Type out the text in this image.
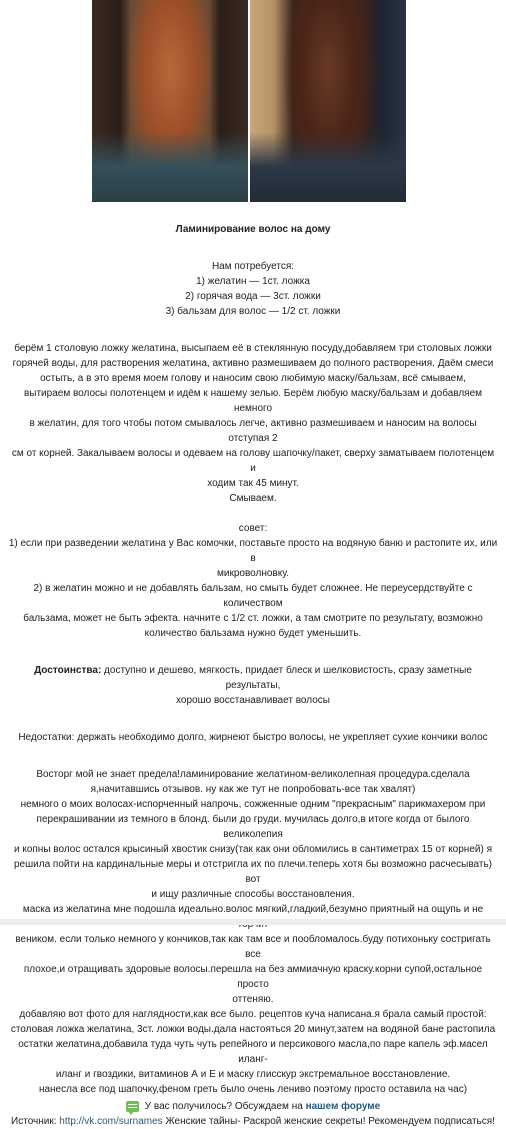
Ламинирование волос на дому

Нам потребуется:

1) желатин — 1ст. ложка

2) горячая вода — 3ст. ложки

3) бальзам для волос — 1/2 ст. ложки

берём 1 столовую ложку желатина, высыпаем её в стеклянную посуду,добавляем три столовых ложки

горячей воды, для растворения желатина, активно размешиваем до полного растворения. Даём смеси

остыть, а в это время моем голову и наносим свою любимую маску/бальзам, всё смываем,

вытираем волосы полотенцем и идём к нашему зелью. Берём любую маску/бальзам и добавляем немного

в желатин, для того чтобы потом смывалось легче, активно размешиваем и наносим на волосы отступая 2

см от корней. Закалываем волосы и одеваем на голову шапочку/пакет, сверху заматываем полотенцем и

ходим так 45 минут.

Смываем.

совет:

1) если при разведении желатина у Вас комочки, поставьте просто на водяную баню и растопите их, или в

микроволновку.

2) в желатин можно и не добавлять бальзам, но смыть будет сложнее. Не переусердствуйте с количеством

бальзама, может не быть эфекта. начните с 1/2 ст. ложки, а там смотрите по результату, возможно

количество бальзама нужно будет уменьшить.

Достоинства: доступно и дешево, мягкость, придает блеск и шелковистость, сразу заметные результаты,

хорошо восстанавливает волосы

Недостатки: держать необходимо долго, жирнеют быстро волосы, не укрепляет сухие кончики волос

Восторг мой не знает предела!ламинирование желатином-великолепная процедура.сделала

я,начитавшись отзывов. ну как же тут не попробовать-все так хвалят)

немного о моих волосах-испорченный напрочь, сожженные одним "прекрасным" парикмахером при

перекрашивании из темного в блонд. были до груди. мучилась долго,в итоге когда от былого великолепия

и копны волос остался крысиный хвостик снизу(так как они обломились в сантиметрах 15 от корней) я

решила пойти на кардинальные меры и отстригла их по плечи.теперь хотя бы возможно расчесывать) вот

и ищу различные способы восстановления.

маска из желатина мне подошла идеально.волос мягкий,гладкий,безумно приятный на ощупь и не

веником. если только немного у кончиков,так как там все и пообломалось.буду потихоньку состригать все

плохое,и отращивать здоровые волосы.перешла на без аммиачную краску.корни супой,остальное просто

оттеняю.

добавляю вот фото для наглядности,как все было. рецептов куча написана.я брала самый простой:

столовая ложка желатина, 3ст. ложки воды.дала настояться 20 минут,затем на водяной бане растопила

остатки желатина,добавила туда чуть чуть репейного и персикового масла,по паре капель эф.масел иланг-

иланг и гвоздики, витаминов А и Е и маску глисскур экстремальное восстановление.

нанесла все под шапочку,феном греть было очень лениво поэтому просто оставила на час)

У вас получилось? Обсуждаем на нашем форуме

Источник: http://vk.com/surnames Женские тайны- Раскрой женские секреты! Рекомендуем подписаться!
